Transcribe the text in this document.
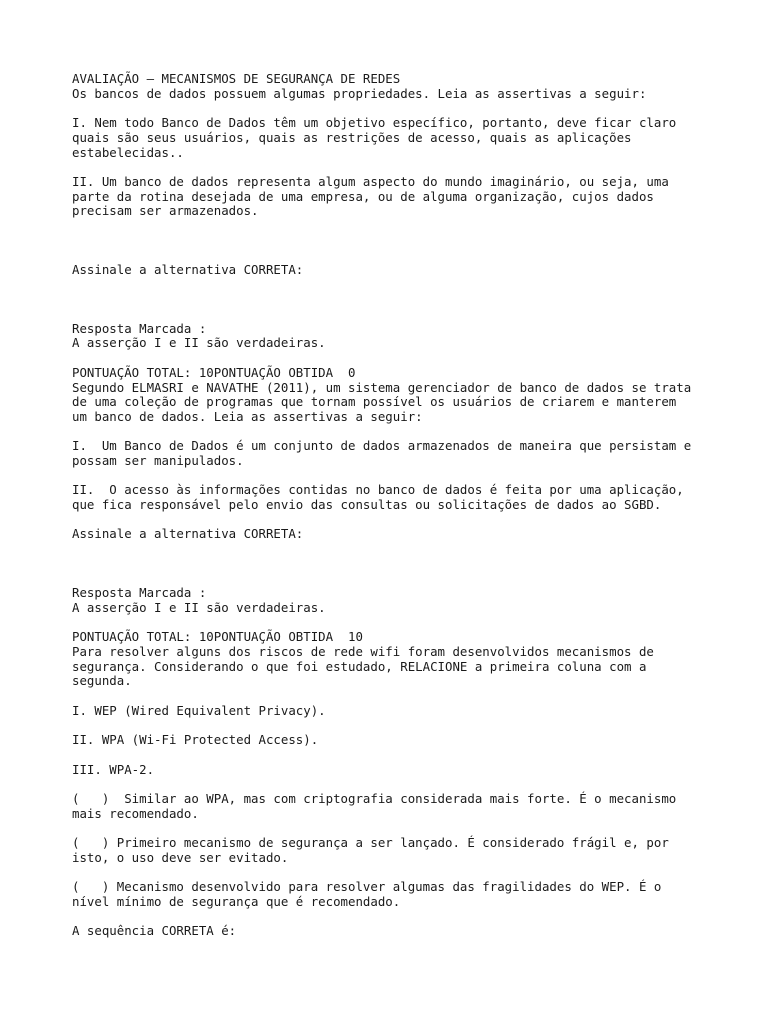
AVALIAÇÃO – MECANISMOS DE SEGURANÇA DE REDES
Os bancos de dados possuem algumas propriedades. Leia as assertivas a seguir:
I. Nem todo Banco de Dados têm um objetivo específico, portanto, deve ficar claro
quais são seus usuários, quais as restrições de acesso, quais as aplicações
estabelecidas..
II. Um banco de dados representa algum aspecto do mundo imaginário, ou seja, uma
parte da rotina desejada de uma empresa, ou de alguma organização, cujos dados
precisam ser armazenados.
Assinale a alternativa CORRETA:
Resposta Marcada :
A asserção I e II são verdadeiras.
PONTUAÇÃO TOTAL: 10PONTUAÇÃO OBTIDA  0
Segundo ELMASRI e NAVATHE (2011), um sistema gerenciador de banco de dados se trata
de uma coleção de programas que tornam possível os usuários de criarem e manterem
um banco de dados. Leia as assertivas a seguir:
I.  Um Banco de Dados é um conjunto de dados armazenados de maneira que persistam e
possam ser manipulados.
II.  O acesso às informações contidas no banco de dados é feita por uma aplicação,
que fica responsável pelo envio das consultas ou solicitações de dados ao SGBD.
Assinale a alternativa CORRETA:
Resposta Marcada :
A asserção I e II são verdadeiras.
PONTUAÇÃO TOTAL: 10PONTUAÇÃO OBTIDA  10
Para resolver alguns dos riscos de rede wifi foram desenvolvidos mecanismos de
segurança. Considerando o que foi estudado, RELACIONE a primeira coluna com a
segunda.
I. WEP (Wired Equivalent Privacy).
II. WPA (Wi-Fi Protected Access).
III. WPA-2.
(   )  Similar ao WPA, mas com criptografia considerada mais forte. É o mecanismo
mais recomendado.
(   ) Primeiro mecanismo de segurança a ser lançado. É considerado frágil e, por
isto, o uso deve ser evitado.
(   ) Mecanismo desenvolvido para resolver algumas das fragilidades do WEP. É o
nível mínimo de segurança que é recomendado.
A sequência CORRETA é:
